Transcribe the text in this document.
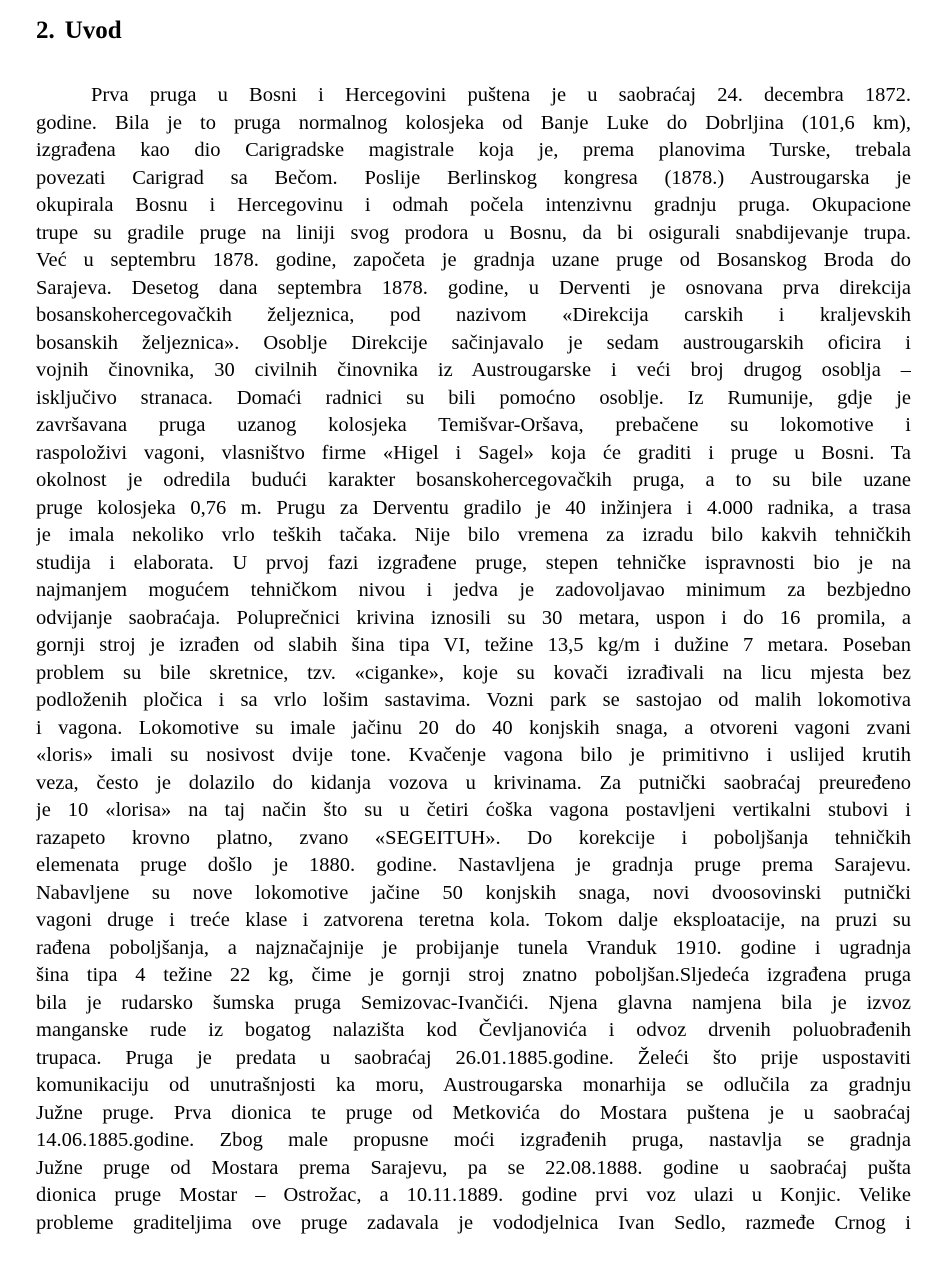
2. Uvod
Prva pruga u Bosni i Hercegovini puštena je u saobraćaj 24. decembra 1872.
godine. Bila je to pruga normalnog kolosjeka od Banje Luke do Dobrljina (101,6 km),
izgrađena kao dio Carigradske magistrale koja je, prema planovima Turske, trebala
povezati Carigrad sa Bečom. Poslije Berlinskog kongresa (1878.) Austrougarska je
okupirala Bosnu i Hercegovinu i odmah počela intenzivnu gradnju pruga. Okupacione
trupe su gradile pruge na liniji svog prodora u Bosnu, da bi osigurali snabdijevanje trupa.
Već u septembru 1878. godine, započeta je gradnja uzane pruge od Bosanskog Broda do
Sarajeva. Desetog dana septembra 1878. godine, u Derventi je osnovana prva direkcija
bosanskohercegovačkih željeznica, pod nazivom «Direkcija carskih i kraljevskih
bosanskih željeznica». Osoblje Direkcije sačinjavalo je sedam austrougarskih oficira i
vojnih činovnika, 30 civilnih činovnika iz Austrougarske i veći broj drugog osoblja –
isključivo stranaca. Domaći radnici su bili pomoćno osoblje. Iz Rumunije, gdje je
završavana pruga uzanog kolosjeka Temišvar-Oršava, prebačene su lokomotive i
raspoloživi vagoni, vlasništvo firme «Higel i Sagel» koja će graditi i pruge u Bosni. Ta
okolnost je odredila budući karakter bosanskohercegovačkih pruga, a to su bile uzane
pruge kolosjeka 0,76 m. Prugu za Derventu gradilo je 40 inžinjera i 4.000 radnika, a trasa
je imala nekoliko vrlo teških tačaka. Nije bilo vremena za izradu bilo kakvih tehničkih
studija i elaborata. U prvoj fazi izgrađene pruge, stepen tehničke ispravnosti bio je na
najmanjem mogućem tehničkom nivou i jedva je zadovoljavao minimum za bezbjedno
odvijanje saobraćaja. Poluprečnici krivina iznosili su 30 metara, uspon i do 16 promila, a
gornji stroj je izrađen od slabih šina tipa VI, težine 13,5 kg/m i dužine 7 metara. Poseban
problem su bile skretnice, tzv. «ciganke», koje su kovači izrađivali na licu mjesta bez
podloženih pločica i sa vrlo lošim sastavima. Vozni park se sastojao od malih lokomotiva
i vagona. Lokomotive su imale jačinu 20 do 40 konjskih snaga, a otvoreni vagoni zvani
«loris» imali su nosivost dvije tone. Kvačenje vagona bilo je primitivno i uslijed krutih
veza, često je dolazilo do kidanja vozova u krivinama. Za putnički saobraćaj preuređeno
je 10 «lorisa» na taj način što su u četiri ćoška vagona postavljeni vertikalni stubovi i
razapeto krovno platno, zvano «SEGEITUH». Do korekcije i poboljšanja tehničkih
elemenata pruge došlo je 1880. godine. Nastavljena je gradnja pruge prema Sarajevu.
Nabavljene su nove lokomotive jačine 50 konjskih snaga, novi dvoosovinski putnički
vagoni druge i treće klase i zatvorena teretna kola. Tokom dalje eksploatacije, na pruzi su
rađena poboljšanja, a najznačajnije je probijanje tunela Vranduk 1910. godine i ugradnja
šina tipa 4 težine 22 kg, čime je gornji stroj znatno poboljšan.Sljedeća izgrađena pruga
bila je rudarsko šumska pruga Semizovac-Ivančići. Njena glavna namjena bila je izvoz
manganske rude iz bogatog nalazišta kod Čevljanovića i odvoz drvenih poluobrađenih
trupaca. Pruga je predata u saobraćaj 26.01.1885.godine. Želeći što prije uspostaviti
komunikaciju od unutrašnjosti ka moru, Austrougarska monarhija se odlučila za gradnju
Južne pruge. Prva dionica te pruge od Metkovića do Mostara puštena je u saobraćaj
14.06.1885.godine. Zbog male propusne moći izgrađenih pruga, nastavlja se gradnja
Južne pruge od Mostara prema Sarajevu, pa se 22.08.1888. godine u saobraćaj pušta
dionica pruge Mostar – Ostrožac, a 10.11.1889. godine prvi voz ulazi u Konjic. Velike
probleme graditeljima ove pruge zadavala je vododjelnica Ivan Sedlo, razmeđe Crnog i
